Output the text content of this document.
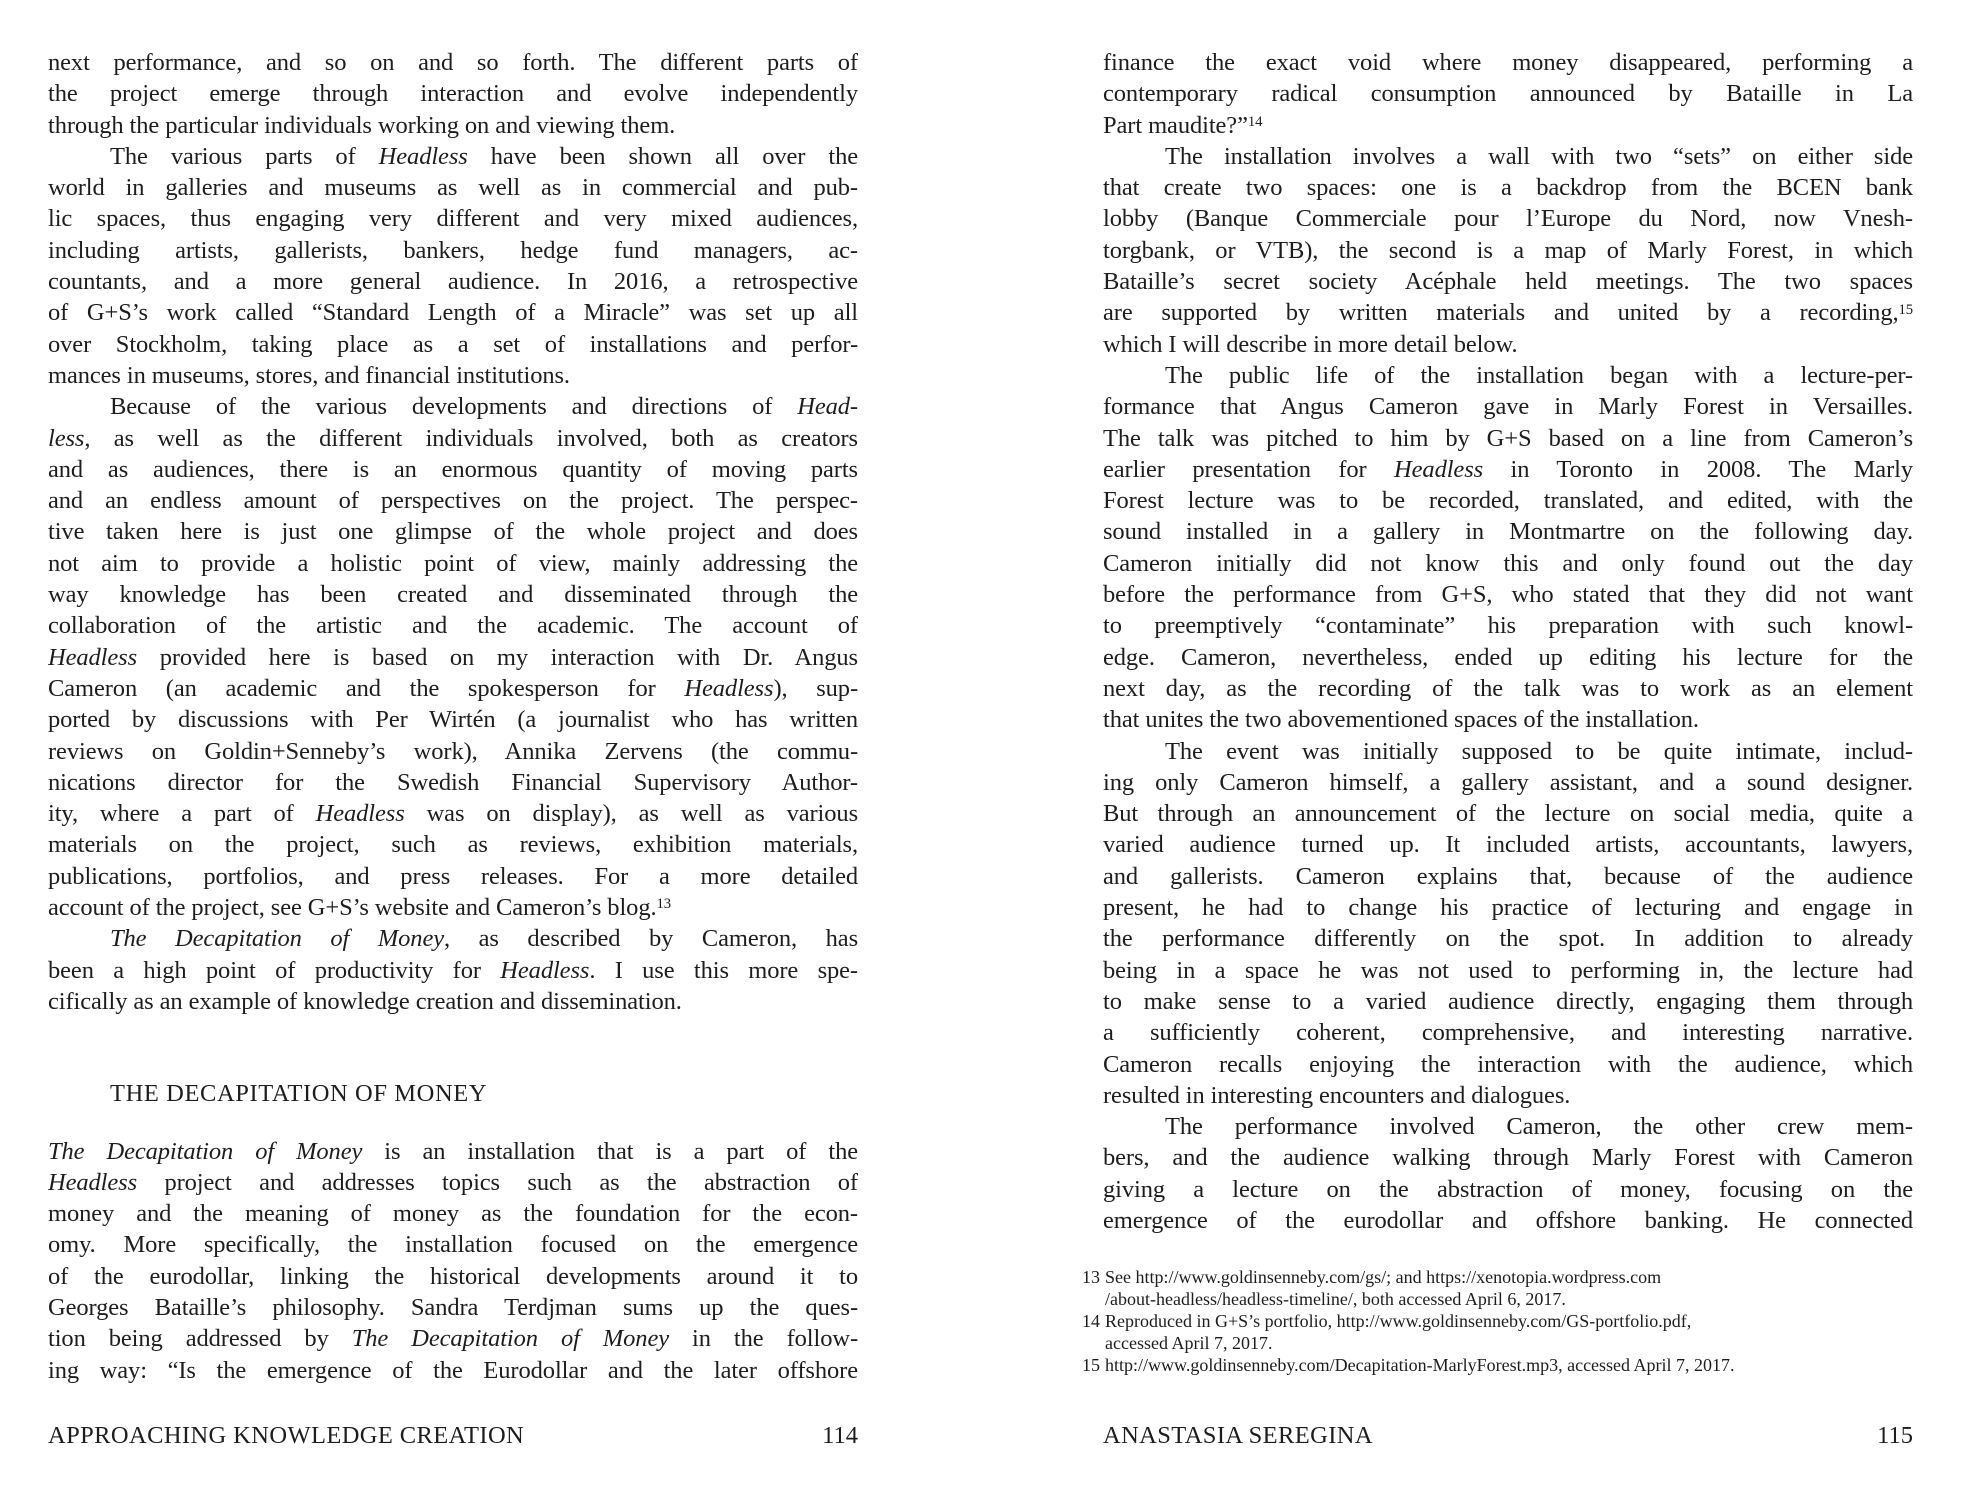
next performance, and so on and so forth. The different parts of
the project emerge through interaction and evolve independently
through the particular individuals working on and viewing them.
The various parts of Headless have been shown all over the
world in galleries and museums as well as in commercial and pub-
lic spaces, thus engaging very different and very mixed audiences,
including artists, gallerists, bankers, hedge fund managers, ac-
countants, and a more general audience. In 2016, a retrospective
of G+S’s work called “Standard Length of a Miracle” was set up all
over Stockholm, taking place as a set of installations and perfor-
mances in museums, stores, and financial institutions.
Because of the various developments and directions of Head-
less, as well as the different individuals involved, both as creators
and as audiences, there is an enormous quantity of moving parts
and an endless amount of perspectives on the project. The perspec-
tive taken here is just one glimpse of the whole project and does
not aim to provide a holistic point of view, mainly addressing the
way knowledge has been created and disseminated through the
collaboration of the artistic and the academic. The account of
Headless provided here is based on my interaction with Dr. Angus
Cameron (an academic and the spokesperson for Headless), sup-
ported by discussions with Per Wirtén (a journalist who has written
reviews on Goldin+Senneby’s work), Annika Zervens (the commu-
nications director for the Swedish Financial Supervisory Author-
ity, where a part of Headless was on display), as well as various
materials on the project, such as reviews, exhibition materials,
publications, portfolios, and press releases. For a more detailed
account of the project, see G+S’s website and Cameron’s blog.$^{13}$
The Decapitation of Money, as described by Cameron, has
been a high point of productivity for Headless. I use this more spe-
cifically as an example of knowledge creation and dissemination.
THE DECAPITATION OF MONEY
The Decapitation of Money is an installation that is a part of the
Headless project and addresses topics such as the abstraction of
money and the meaning of money as the foundation for the econ-
omy. More specifically, the installation focused on the emergence
of the eurodollar, linking the historical developments around it to
Georges Bataille’s philosophy. Sandra Terdjman sums up the ques-
tion being addressed by The Decapitation of Money in the follow-
ing way: “Is the emergence of the Eurodollar and the later offshore
APPROACHING KNOWLEDGE CREATION	114
finance the exact void where money disappeared, performing a
contemporary radical consumption announced by Bataille in La
Part maudite?”$^{14}$
The installation involves a wall with two “sets” on either side
that create two spaces: one is a backdrop from the BCEN bank
lobby (Banque Commerciale pour l’Europe du Nord, now Vnesh-
torgbank, or VTB), the second is a map of Marly Forest, in which
Bataille’s secret society Acéphale held meetings. The two spaces
are supported by written materials and united by a recording,$^{15}$
which I will describe in more detail below.
The public life of the installation began with a lecture-per-
formance that Angus Cameron gave in Marly Forest in Versailles.
The talk was pitched to him by G+S based on a line from Cameron’s
earlier presentation for Headless in Toronto in 2008. The Marly
Forest lecture was to be recorded, translated, and edited, with the
sound installed in a gallery in Montmartre on the following day.
Cameron initially did not know this and only found out the day
before the performance from G+S, who stated that they did not want
to preemptively “contaminate” his preparation with such knowl-
edge. Cameron, nevertheless, ended up editing his lecture for the
next day, as the recording of the talk was to work as an element
that unites the two abovementioned spaces of the installation.
The event was initially supposed to be quite intimate, includ-
ing only Cameron himself, a gallery assistant, and a sound designer.
But through an announcement of the lecture on social media, quite a
varied audience turned up. It included artists, accountants, lawyers,
and gallerists. Cameron explains that, because of the audience
present, he had to change his practice of lecturing and engage in
the performance differently on the spot. In addition to already
being in a space he was not used to performing in, the lecture had
to make sense to a varied audience directly, engaging them through
a sufficiently coherent, comprehensive, and interesting narrative.
Cameron recalls enjoying the interaction with the audience, which
resulted in interesting encounters and dialogues.
The performance involved Cameron, the other crew mem-
bers, and the audience walking through Marly Forest with Cameron
giving a lecture on the abstraction of money, focusing on the
emergence of the eurodollar and offshore banking. He connected
13 See http://www.goldinsenneby.com/gs/; and https://xenotopia.wordpress.com
/about-headless/headless-timeline/, both accessed April 6, 2017.
14 Reproduced in G+S’s portfolio, http://www.goldinsenneby.com/GS-portfolio.pdf,
accessed April 7, 2017.
15 http://www.goldinsenneby.com/Decapitation-MarlyForest.mp3, accessed April 7, 2017.
ANASTASIA SEREGINA	115
